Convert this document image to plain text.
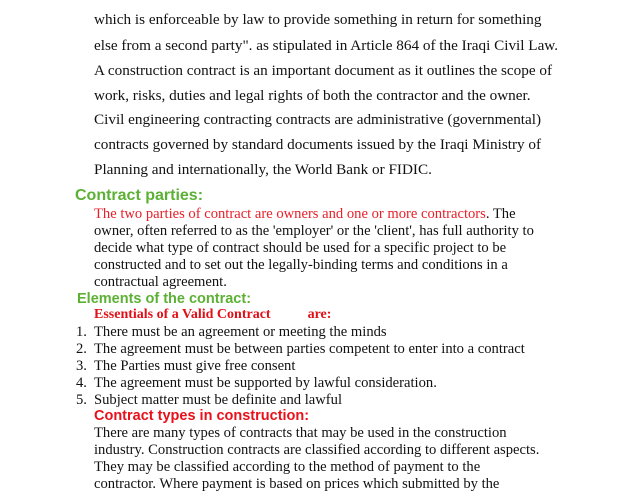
which is enforceable by law to provide something in return for something
else from a second party". as stipulated in Article 864 of the Iraqi Civil Law.
A construction contract is an important document as it outlines the scope of
work, risks, duties and legal rights of both the contractor and the owner.
Civil engineering contracting contracts are administrative (governmental)
contracts governed by standard documents issued by the Iraqi Ministry of
Planning and internationally, the World Bank or FIDIC.
Contract parties:
The two parties of contract are owners and one or more contractors. The
owner, often referred to as the 'employer' or the 'client', has full authority to
decide what type of contract should be used for a specific project to be
constructed and to set out the legally-binding terms and conditions in a
contractual agreement.
Elements of the contract:
Essentials of a Valid Contract	are:
1. There must be an agreement or meeting the minds
2. The agreement must be between parties competent to enter into a contract
3. The Parties must give free consent
4. The agreement must be supported by lawful consideration.
5. Subject matter must be definite and lawful
Contract types in construction:
There are many types of contracts that may be used in the construction
industry. Construction contracts are classified according to different aspects.
They may be classified according to the method of payment to the
contractor. Where payment is based on prices which submitted by the
